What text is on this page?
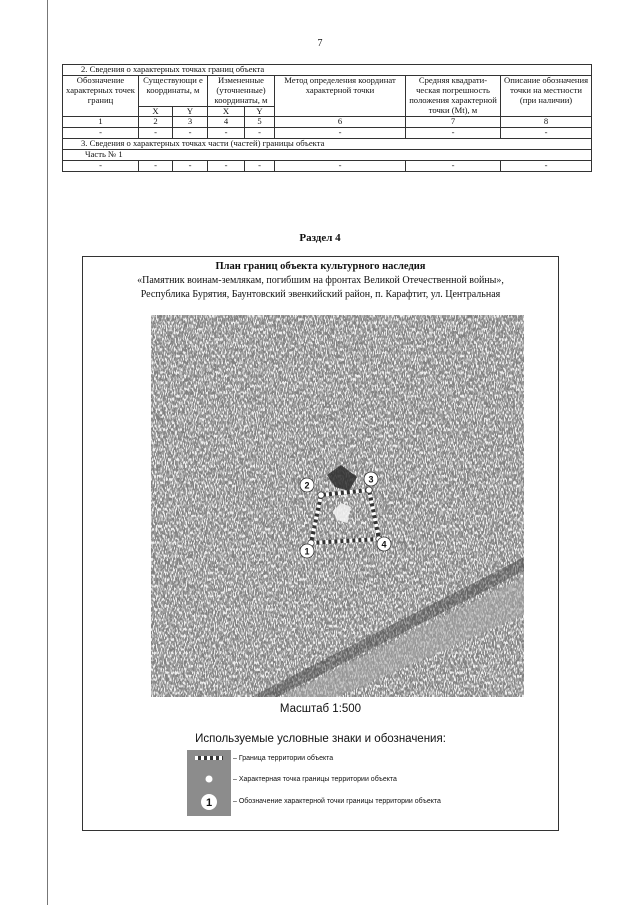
7
2. Сведения о характерных точках границ объекта							
Обозначение характерных точек границ	Существующи е координаты, м		Измененные (уточненные) координаты, м		Метод определения координат характерной точки	Средняя квадрати-ческая погрешность положения характерной точки (Mt), м	Описание обозначения точки на местности (при наличии)
	X	Y	X	Y			
1	2	3	4	5	6	7	8
-	-	-	-	-	-	-	-
3. Сведения о характерных точках части (частей) границы объекта							
Часть № 1							
-	-	-	-	-	-	-	-
Раздел 4
План границ объекта культурного наследия
«Памятник воинам-землякам, погибшим на фронтах Великой Отечественной войны»,
Республика Бурятия, Баунтовский эвенкийский район, п. Карафтит, ул. Центральная
1
2
3
4
Масштаб 1:500
Используемые условные знаки и обозначения:
1
– Граница территории объекта
– Характерная точка границы территории объекта
– Обозначение характерной точки границы территории объекта
